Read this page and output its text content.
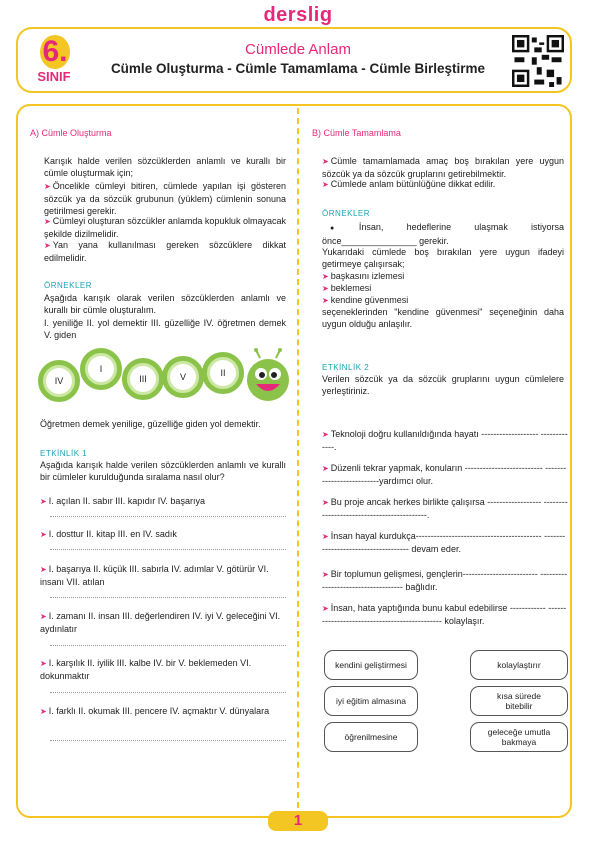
derslig
6.
SINIF
Cümlede Anlam
Cümle Oluşturma - Cümle Tamamlama - Cümle Birleştirme
A) Cümle Oluşturma
Karışık halde verilen sözcüklerden anlamlı ve kurallı bir cümle oluşturmak için;
➤ Öncelikle cümleyi bitiren, cümlede yapılan işi gösteren sözcük ya da sözcük grubunun (yüklem) cümlenin sonuna getirilmesi gerekir.
➤ Cümleyi oluşturan sözcükler anlamda kopukluk olmayacak şekilde dizilmelidir.
➤ Yan yana kullanılması gereken sözcüklere dikkat edilmelidir.
ÖRNEKLER
Aşağıda karışık olarak verilen sözcüklerden anlamlı ve kurallı bir cümle oluşturalım.
I. yeniliğe II. yol demektir III. güzelliğe IV. öğretmen demek V. giden
IV
I
III	V	II
Öğretmen demek yenilige, güzelliğe giden yol demektir.
ETKİNLİK 1
Aşağıda karışık halde verilen sözcüklerden anlamlı ve kurallı bir cümleler kurulduğunda sıralama nasıl olur?
➤ I. açılan II. sabır III. kapıdır IV. başarıya
➤ I. dosttur II. kitap III. en IV. sadık
➤ I. başarıya II. küçük III. sabırla IV. adımlar V. götürür VI. insanı VII. atılan
➤ I. zamanı II. insan III. değerlendiren IV. iyi V. geleceğini VI. aydınlatır
➤ I. karşılık II. iyilik III. kalbe IV. bir V. beklemeden VI. dokunmaktır
➤ I. farklı II. okumak III. pencere IV. açmaktır V. dünyalara
B) Cümle Tamamlama
➤ Cümle tamamlamada amaç boş bırakılan yere uygun sözcük ya da sözcük gruplarını getirebilmektir.
➤ Cümlede anlam bütünlüğüne dikkat edilir.
ÖRNEKLER
● İnsan, hedeflerine ulaşmak istiyorsa önce_______________ gerekir.
Yukarıdaki cümlede boş bırakılan yere uygun ifadeyi getirmeye çalışırsak;
➤ başkasını izlemesi
➤ beklemesi
➤ kendine güvenmesi
seçeneklerinden "kendine güvenmesi" seçeneğinin daha uygun olduğu anlaşılır.
ETKİNLİK 2
Verilen sözcük ya da sözcük gruplarını uygun cümlelere yerleştiriniz.
➤ Teknoloji doğru kullanıldığında hayatı ------------------- -------------.
➤ Düzenli tekrar yapmak, konuların -------------------------- --------------------------yardımcı olur.
➤ Bu proje ancak herkes birlikte çalışırsa ------------------ -------------------------------------------.
➤ İnsan hayal kurdukça------------------------------------------ ------------------------------------ devam eder.
➤ Bir toplumun gelişmesi, gençlerin------------------------- ------------------------------------ bağlıdır.
➤ İnsan, hata yaptığında bunu kabul edebilirse ------------ ---------------------------------------------- kolaylaşır.
kendini geliştirmesi	kolaylaştırır
iyi eğitim almasına	kısa sürede bitebilir
öğrenilmesine	geleceğe umutla bakmaya
1
